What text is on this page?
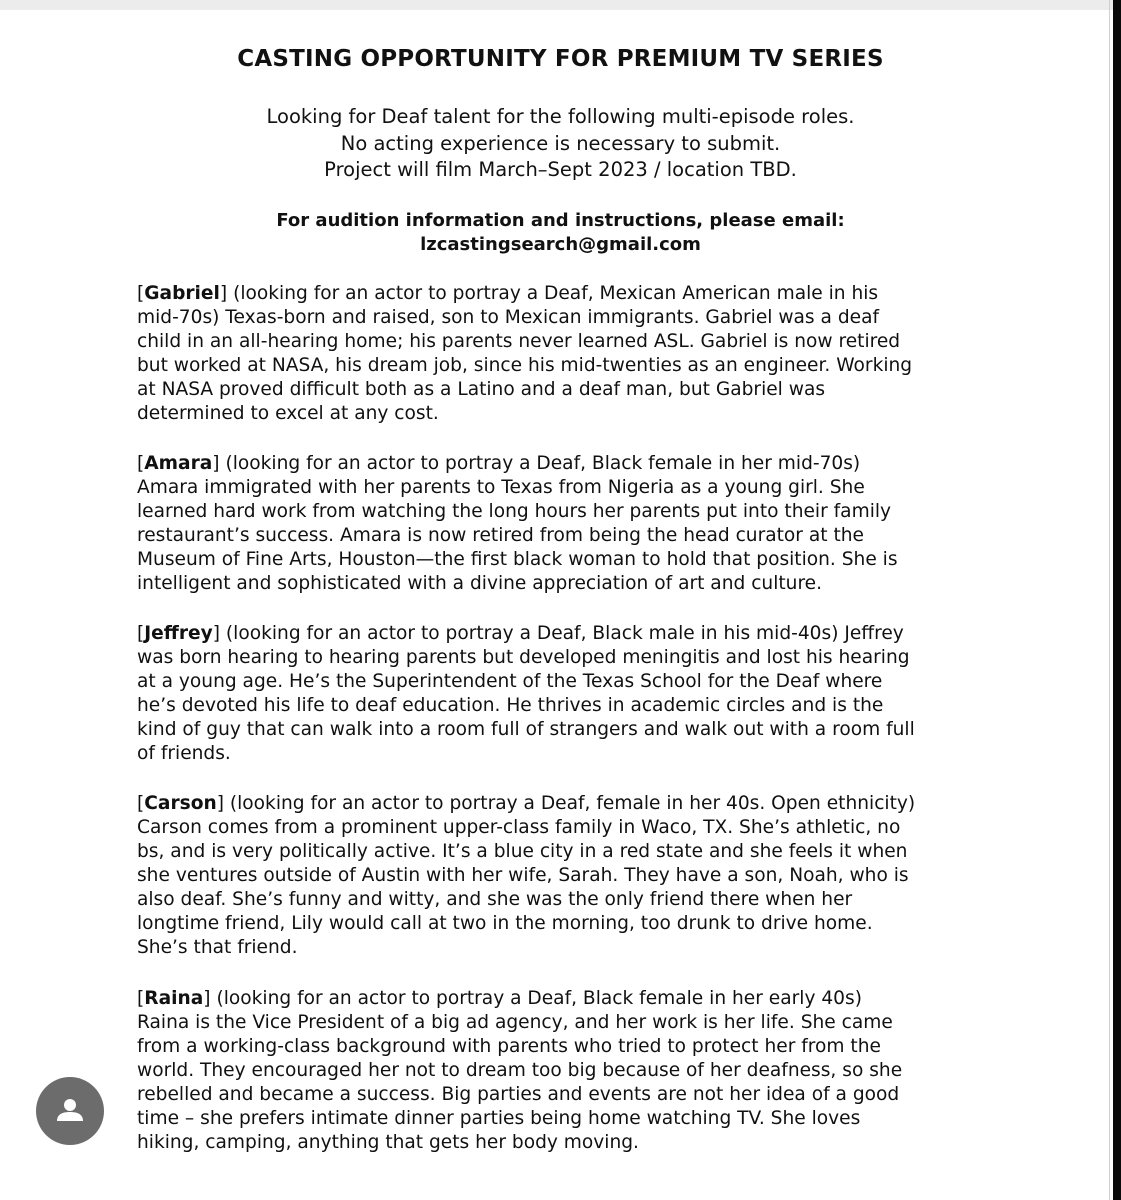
CASTING OPPORTUNITY FOR PREMIUM TV SERIES

Looking for Deaf talent for the following multi-episode roles.
No acting experience is necessary to submit.
Project will film March–Sept 2023 / location TBD.

For audition information and instructions, please email:
lzcastingsearch@gmail.com

[Gabriel] (looking for an actor to portray a Deaf, Mexican American male in his
mid-70s) Texas-born and raised, son to Mexican immigrants. Gabriel was a deaf
child in an all-hearing home; his parents never learned ASL. Gabriel is now retired
but worked at NASA, his dream job, since his mid-twenties as an engineer. Working
at NASA proved difficult both as a Latino and a deaf man, but Gabriel was
determined to excel at any cost.

[Amara] (looking for an actor to portray a Deaf, Black female in her mid-70s)
Amara immigrated with her parents to Texas from Nigeria as a young girl. She
learned hard work from watching the long hours her parents put into their family
restaurant’s success. Amara is now retired from being the head curator at the
Museum of Fine Arts, Houston—the first black woman to hold that position. She is
intelligent and sophisticated with a divine appreciation of art and culture.

[Jeffrey] (looking for an actor to portray a Deaf, Black male in his mid-40s) Jeffrey
was born hearing to hearing parents but developed meningitis and lost his hearing
at a young age. He’s the Superintendent of the Texas School for the Deaf where
he’s devoted his life to deaf education. He thrives in academic circles and is the
kind of guy that can walk into a room full of strangers and walk out with a room full
of friends.

[Carson] (looking for an actor to portray a Deaf, female in her 40s. Open ethnicity)
Carson comes from a prominent upper-class family in Waco, TX. She’s athletic, no
bs, and is very politically active. It’s a blue city in a red state and she feels it when
she ventures outside of Austin with her wife, Sarah. They have a son, Noah, who is
also deaf. She’s funny and witty, and she was the only friend there when her
longtime friend, Lily would call at two in the morning, too drunk to drive home.
She’s that friend.

[Raina] (looking for an actor to portray a Deaf, Black female in her early 40s)
Raina is the Vice President of a big ad agency, and her work is her life. She came
from a working-class background with parents who tried to protect her from the
world. They encouraged her not to dream too big because of her deafness, so she
rebelled and became a success. Big parties and events are not her idea of a good
time – she prefers intimate dinner parties being home watching TV. She loves
hiking, camping, anything that gets her body moving.
